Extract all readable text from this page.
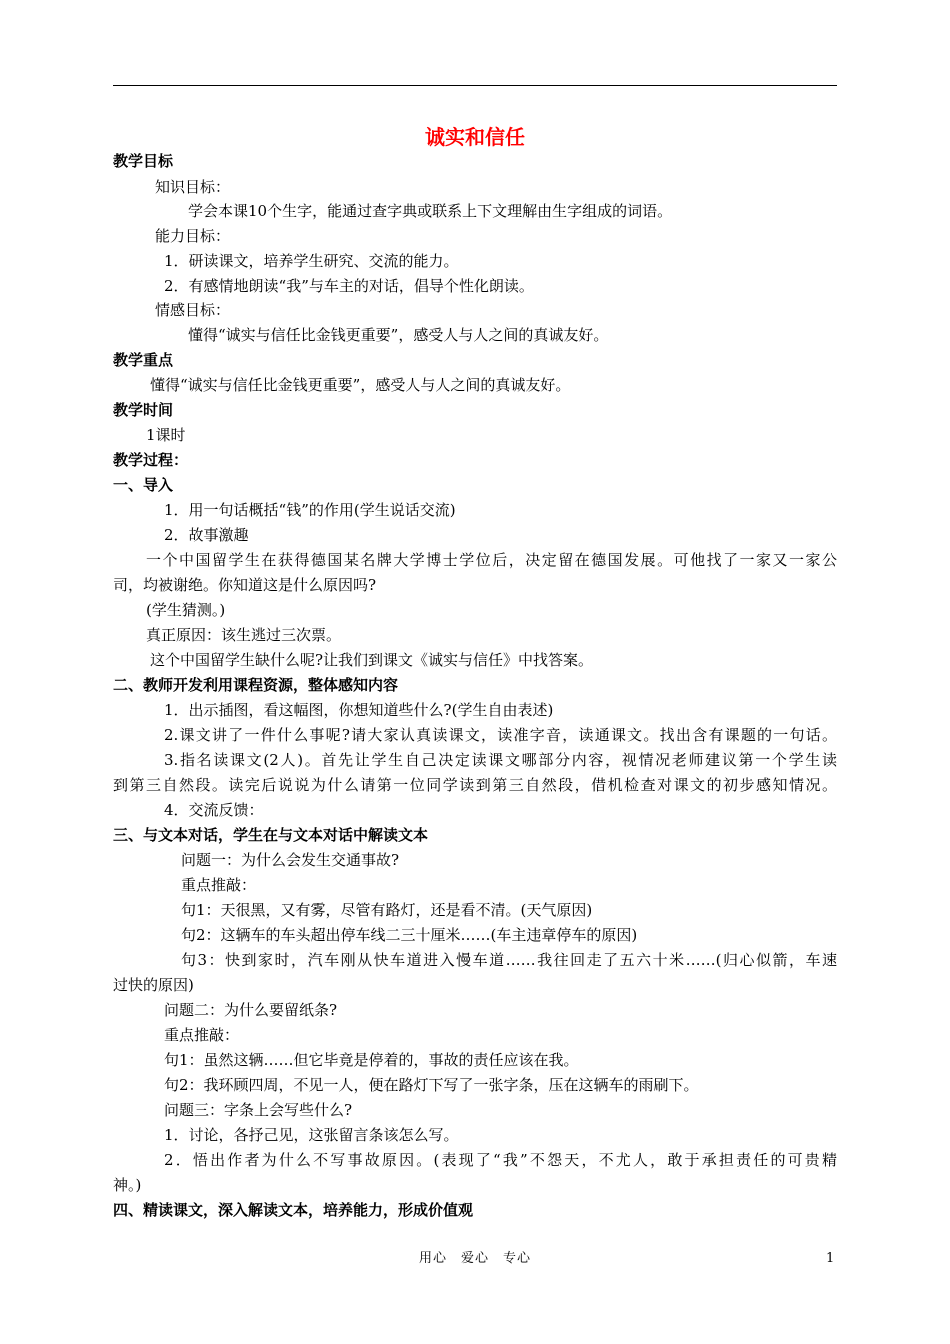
诚实和信任
教学目标
知识目标：
学会本课10个生字，能通过查字典或联系上下文理解由生字组成的词语。
能力目标：
1．研读课文，培养学生研究、交流的能力。
2．有感情地朗读“我”与车主的对话，倡导个性化朗读。
情感目标：
懂得“诚实与信任比金钱更重要”，感受人与人之间的真诚友好。
教学重点
懂得“诚实与信任比金钱更重要”，感受人与人之间的真诚友好。
教学时间
1课时
教学过程：
一、导入
1．用一句话概括“钱”的作用(学生说话交流)
2．故事激趣
一个中国留学生在获得德国某名牌大学博士学位后，决定留在德国发展。可他找了一家又一家公
司，均被谢绝。你知道这是什么原因吗?
(学生猜测。)
真正原因：该生逃过三次票。
这个中国留学生缺什么呢?让我们到课文《诚实与信任》中找答案。
二、教师开发利用课程资源，整体感知内容
1．出示插图，看这幅图，你想知道些什么?(学生自由表述)
2.课文讲了一件什么事呢?请大家认真读课文，读准字音，读通课文。找出含有课题的一句话。
3.指名读课文(2人)。首先让学生自己决定读课文哪部分内容，视情况老师建议第一个学生读
到第三自然段。读完后说说为什么请第一位同学读到第三自然段，借机检查对课文的初步感知情况。
4．交流反馈：
三、与文本对话，学生在与文本对话中解读文本
问题一：为什么会发生交通事故?
重点推敲：
句1：天很黑，又有雾，尽管有路灯，还是看不清。(天气原因)
句2：这辆车的车头超出停车线二三十厘米……(车主违章停车的原因)
句3：快到家时，汽车刚从快车道进入慢车道……我往回走了五六十米……(归心似箭，车速
过快的原因)
问题二：为什么要留纸条?
重点推敲：
句1：虽然这辆……但它毕竟是停着的，事故的责任应该在我。
句2：我环顾四周，不见一人，便在路灯下写了一张字条，压在这辆车的雨刷下。
问题三：字条上会写些什么?
1．讨论，各抒己见，这张留言条该怎么写。
2．悟出作者为什么不写事故原因。(表现了“我”不怨天，不尤人，敢于承担责任的可贵精
神。)
四、精读课文，深入解读文本，培养能力，形成价值观
用心　爱心　专心	1
